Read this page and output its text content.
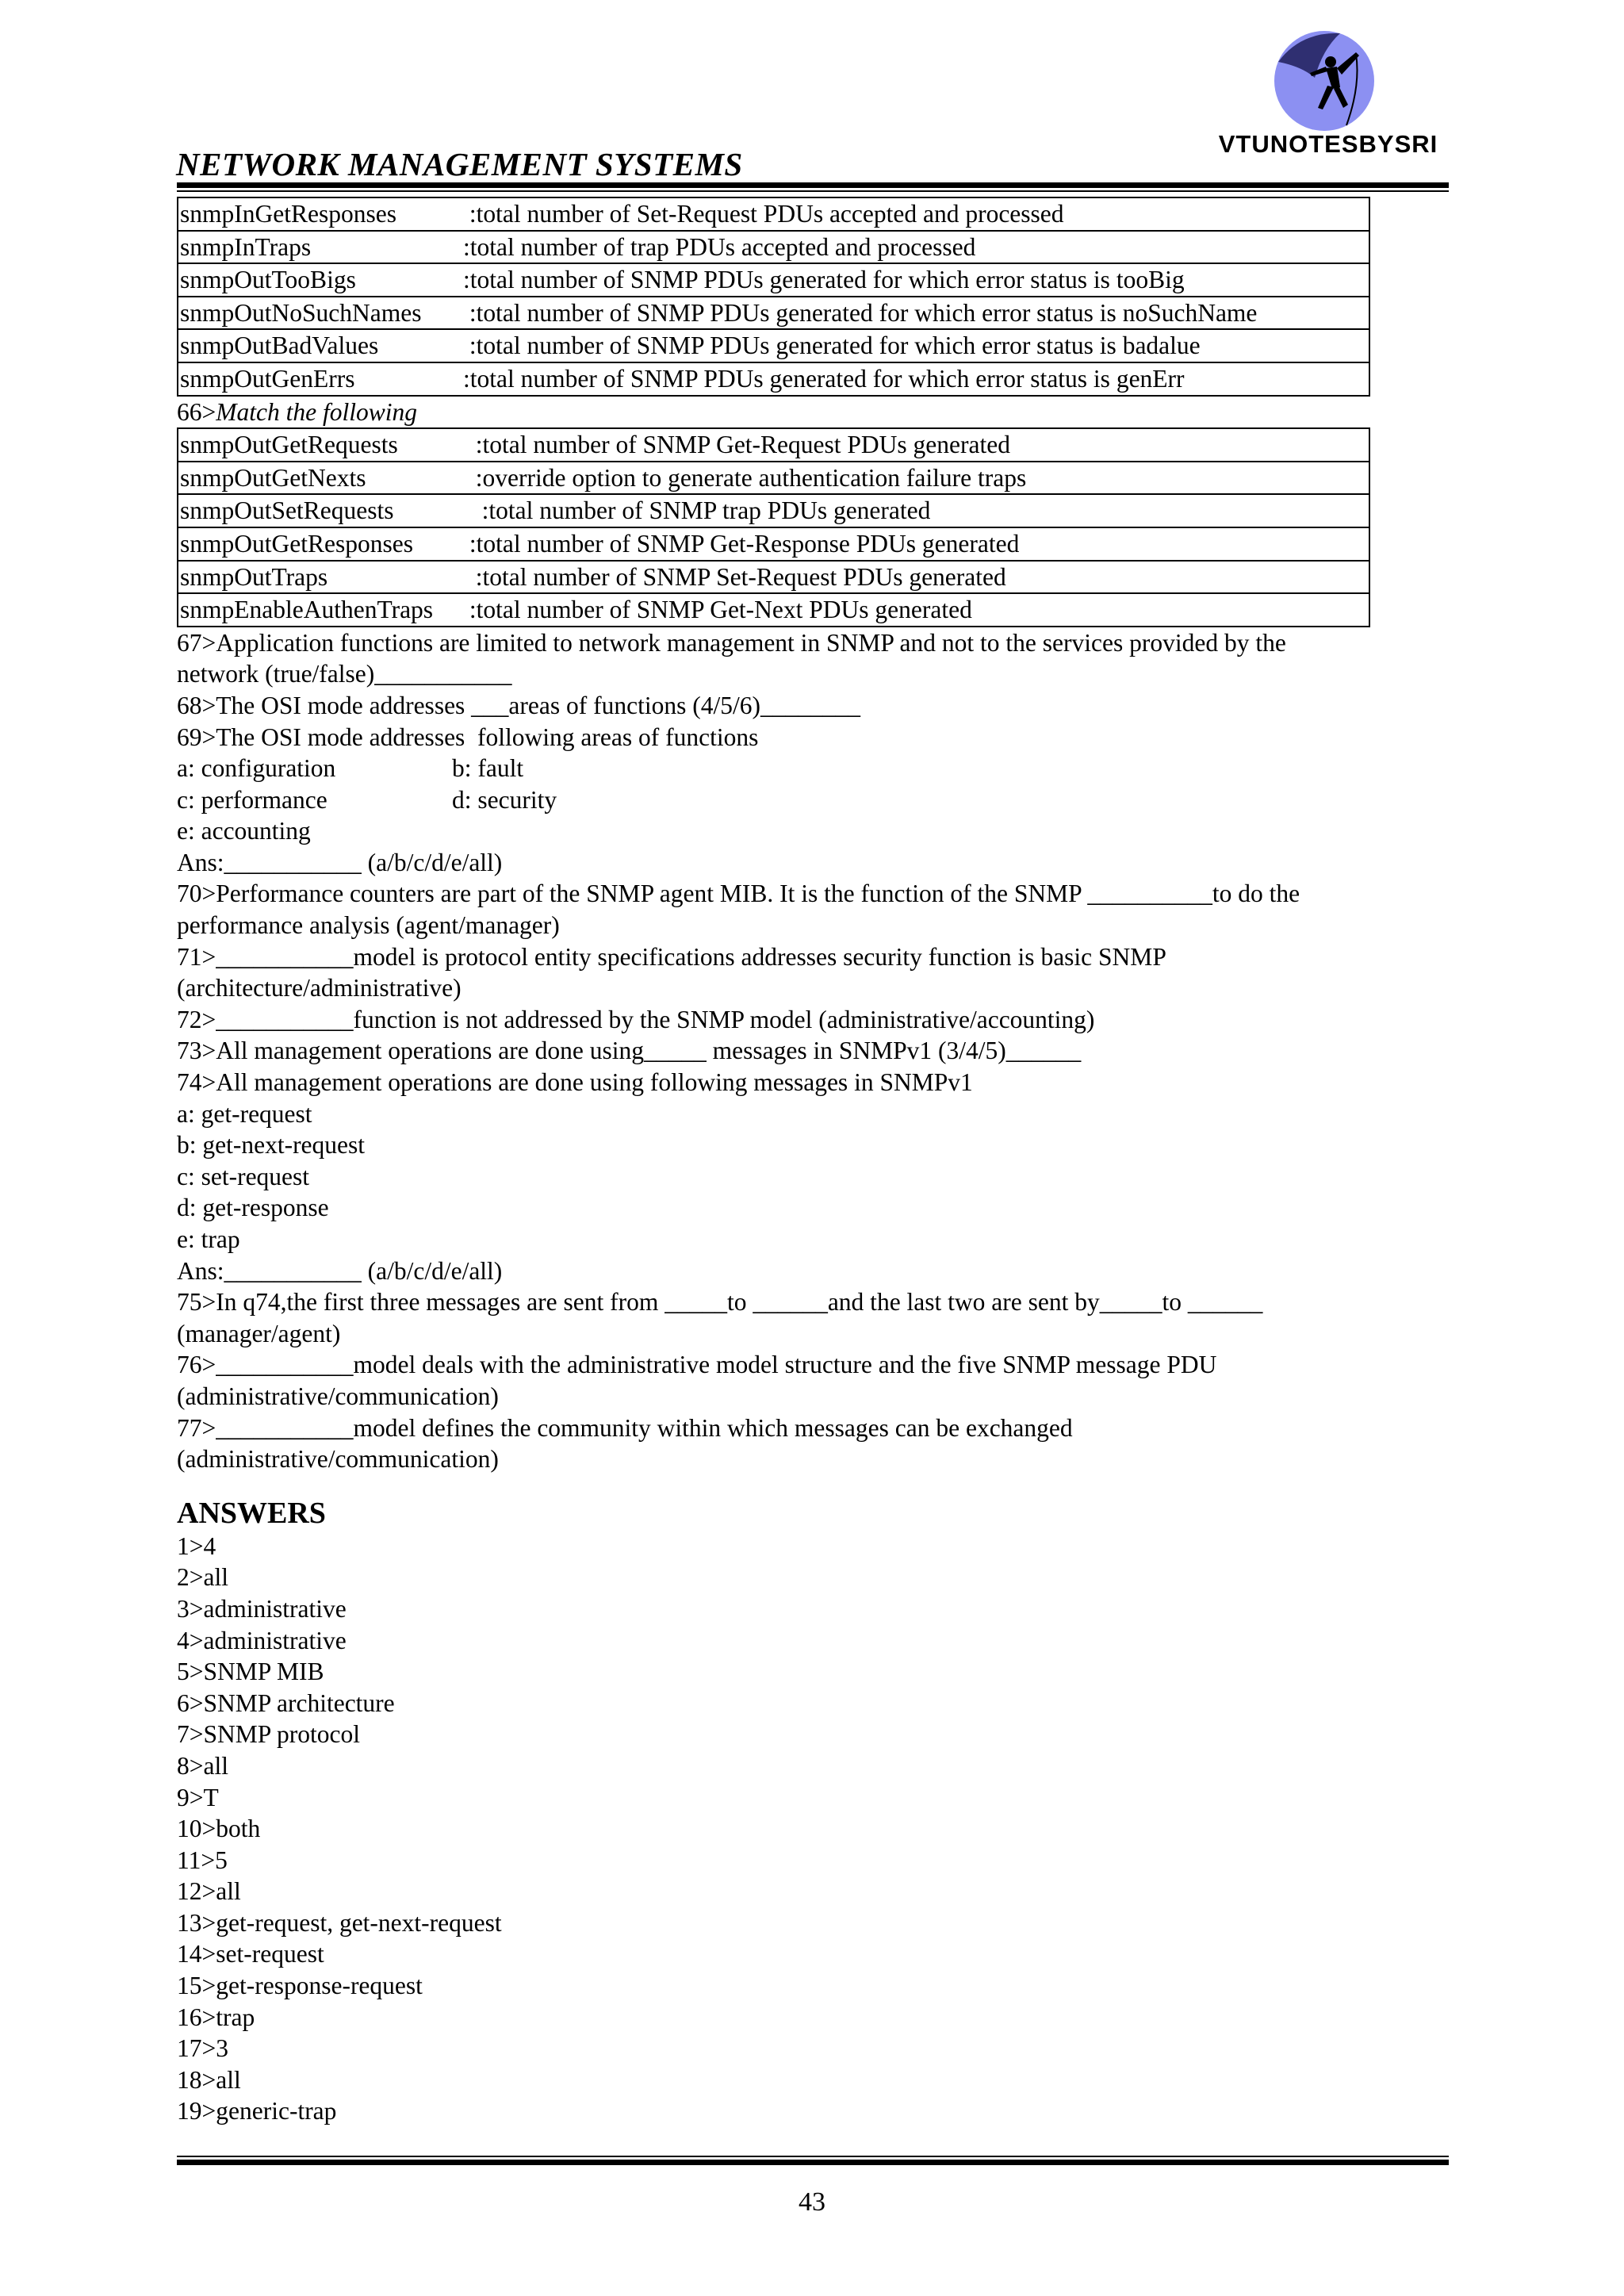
VTUNOTESBYSRI
NETWORK MANAGEMENT SYSTEMS
snmpInGetResponses	:total number of Set-Request PDUs accepted and processed
snmpInTraps	:total number of trap PDUs accepted and processed
snmpOutTooBigs	:total number of SNMP PDUs generated for which error status is tooBig
snmpOutNoSuchNames	:total number of SNMP PDUs generated for which error status is noSuchName
snmpOutBadValues	:total number of SNMP PDUs generated for which error status is badalue
snmpOutGenErrs	:total number of SNMP PDUs generated for which error status is genErr
66>Match the following
snmpOutGetRequests	:total number of SNMP Get-Request PDUs generated
snmpOutGetNexts	:override option to generate authentication failure traps
snmpOutSetRequests	:total number of SNMP trap PDUs generated
snmpOutGetResponses	:total number of SNMP Get-Response PDUs generated
snmpOutTraps	:total number of SNMP Set-Request PDUs generated
snmpEnableAuthenTraps	:total number of SNMP Get-Next PDUs generated
67>Application functions are limited to network management in SNMP and not to the services provided by the
network (true/false)___________
68>The OSI mode addresses ___areas of functions (4/5/6)________
69>The OSI mode addresses  following areas of functions
a: configuration	b: fault
c: performance	d: security
e: accounting
Ans:___________ (a/b/c/d/e/all)
70>Performance counters are part of the SNMP agent MIB. It is the function of the SNMP __________to do the
performance analysis (agent/manager)
71>___________model is protocol entity specifications addresses security function is basic SNMP
(architecture/administrative)
72>___________function is not addressed by the SNMP model (administrative/accounting)
73>All management operations are done using_____ messages in SNMPv1 (3/4/5)______
74>All management operations are done using following messages in SNMPv1
a: get-request
b: get-next-request
c: set-request
d: get-response
e: trap
Ans:___________ (a/b/c/d/e/all)
75>In q74,the first three messages are sent from _____to ______and the last two are sent by_____to ______
(manager/agent)
76>___________model deals with the administrative model structure and the five SNMP message PDU
(administrative/communication)
77>___________model defines the community within which messages can be exchanged
(administrative/communication)
ANSWERS
1>4
2>all
3>administrative
4>administrative
5>SNMP MIB
6>SNMP architecture
7>SNMP protocol
8>all
9>T
10>both
11>5
12>all
13>get-request, get-next-request
14>set-request
15>get-response-request
16>trap
17>3
18>all
19>generic-trap
43
